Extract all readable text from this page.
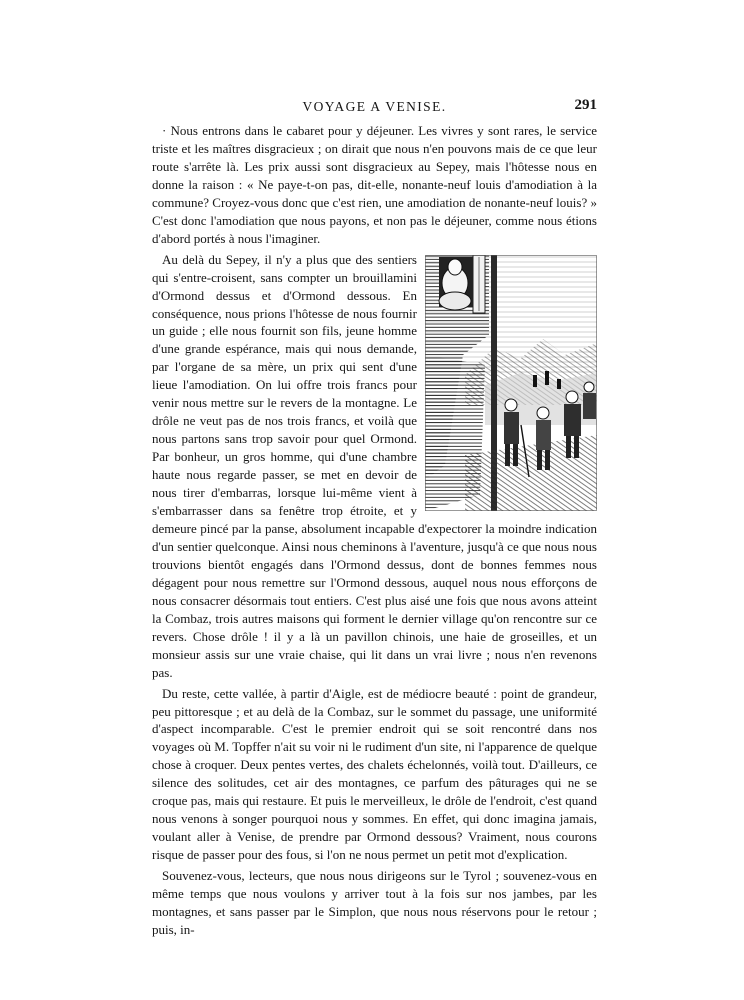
VOYAGE A VENISE.	291

· Nous entrons dans le cabaret pour y déjeuner. Les vivres y sont rares, le service triste et les maîtres disgracieux ; on dirait que nous n'en pouvons mais de ce que leur route s'arrête là. Les prix aussi sont disgracieux au Sepey, mais l'hôtesse nous en donne la raison : « Ne paye-t-on pas, dit-elle, nonante-neuf louis d'amodiation à la commune? Croyez-vous donc que c'est rien, une amodiation de nonante-neuf louis? » C'est donc l'amodiation que nous payons, et non pas le déjeuner, comme nous étions d'abord portés à nous l'imaginer.

Au delà du Sepey, il n'y a plus que des sentiers qui s'entre-croisent, sans compter un brouillamini d'Ormond dessus et d'Ormond dessous. En conséquence, nous prions l'hôtesse de nous fournir un guide ; elle nous fournit son fils, jeune homme d'une grande espérance, mais qui nous demande, par l'organe de sa mère, un prix qui sent d'une lieue l'amodiation. On lui offre trois francs pour venir nous mettre sur le revers de la montagne. Le drôle ne veut pas de nos trois francs, et voilà que nous partons sans trop savoir pour quel Ormond. Par bonheur, un gros homme, qui d'une chambre haute nous regarde passer, se met en devoir de nous tirer d'embarras, lorsque lui-même vient à s'embarrasser dans sa fenêtre trop étroite, et y demeure pincé par la panse, absolument incapable d'expectorer la moindre indication d'un sentier quelconque. Ainsi nous cheminons à l'aventure, jusqu'à ce que nous nous trouvions bientôt engagés dans l'Ormond dessus, dont de bonnes femmes nous dégagent pour nous remettre sur l'Ormond dessous, auquel nous nous efforçons de nous consacrer désormais tout entiers. C'est plus aisé une fois que nous avons atteint la Combaz, trois autres maisons qui forment le dernier village qu'on rencontre sur ce revers. Chose drôle ! il y a là un pavillon chinois, une haie de groseilles, et un monsieur assis sur une vraie chaise, qui lit dans un vrai livre ; nous n'en revenons pas.

Du reste, cette vallée, à partir d'Aigle, est de médiocre beauté : point de grandeur, peu pittoresque ; et au delà de la Combaz, sur le sommet du passage, une uniformité d'aspect incomparable. C'est le premier endroit qui se soit rencontré dans nos voyages où M. Topffer n'ait su voir ni le rudiment d'un site, ni l'apparence de quelque chose à croquer. Deux pentes vertes, des chalets échelonnés, voilà tout. D'ailleurs, ce silence des solitudes, cet air des montagnes, ce parfum des pâturages qui ne se croque pas, mais qui restaure. Et puis le merveilleux, le drôle de l'endroit, c'est quand nous venons à songer pourquoi nous y sommes. En effet, qui donc imagina jamais, voulant aller à Venise, de prendre par Ormond dessous? Vraiment, nous courons risque de passer pour des fous, si l'on ne nous permet un petit mot d'explication.

Souvenez-vous, lecteurs, que nous nous dirigeons sur le Tyrol ; souvenez-vous en même temps que nous voulons y arriver tout à la fois sur nos jambes, par les montagnes, et sans passer par le Simplon, que nous nous réservons pour le retour ; puis, in-
